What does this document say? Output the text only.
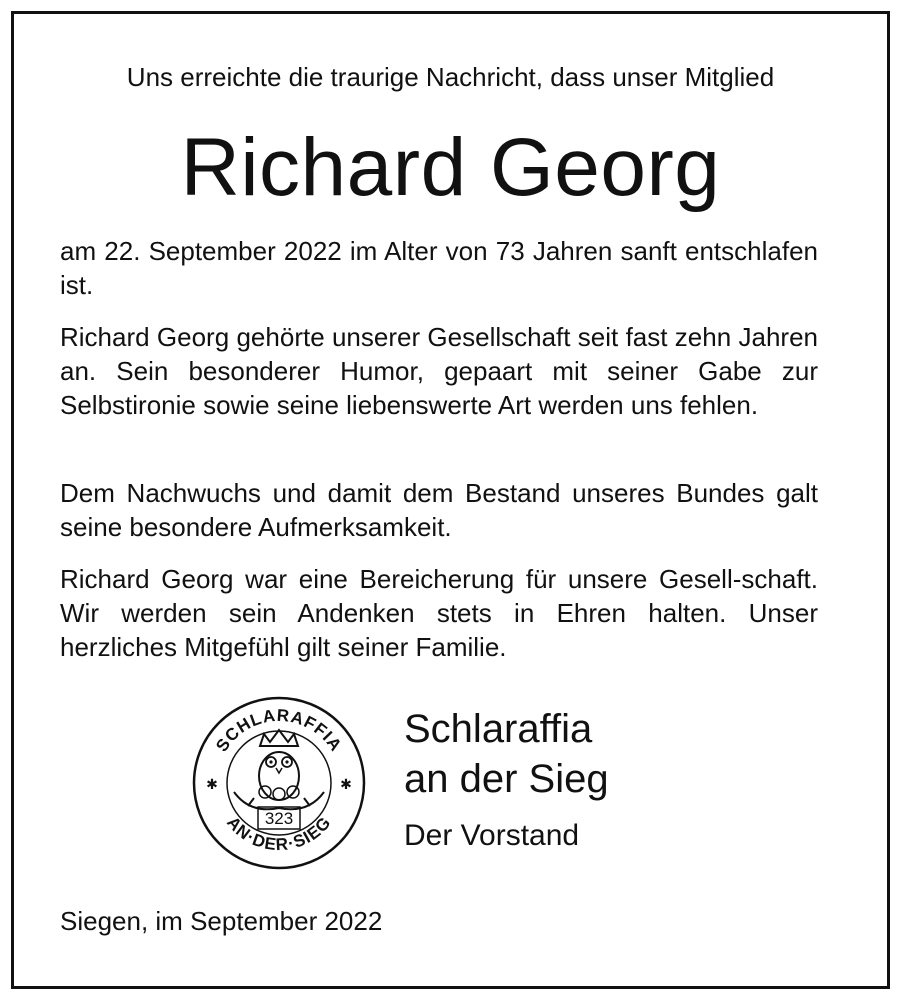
Uns erreichte die traurige Nachricht, dass unser Mitglied
Richard Georg
am 22. September 2022 im Alter von 73 Jahren sanft entschlafen ist.
Richard Georg gehörte unserer Gesellschaft seit fast zehn Jahren an. Sein besonderer Humor, gepaart mit seiner Gabe zur Selbstironie sowie seine liebenswerte Art werden uns fehlen.
Dem Nachwuchs und damit dem Bestand unseres Bundes galt seine besondere Aufmerksamkeit.
Richard Georg war eine Bereicherung für unsere Gesell-schaft. Wir werden sein Andenken stets in Ehren halten. Unser herzliches Mitgefühl gilt seiner Familie.
SCHLARAFFIA
AN·DER·SIEG
✱	✱
323
Schlaraffia
an der Sieg
Der Vorstand
Siegen, im September 2022
